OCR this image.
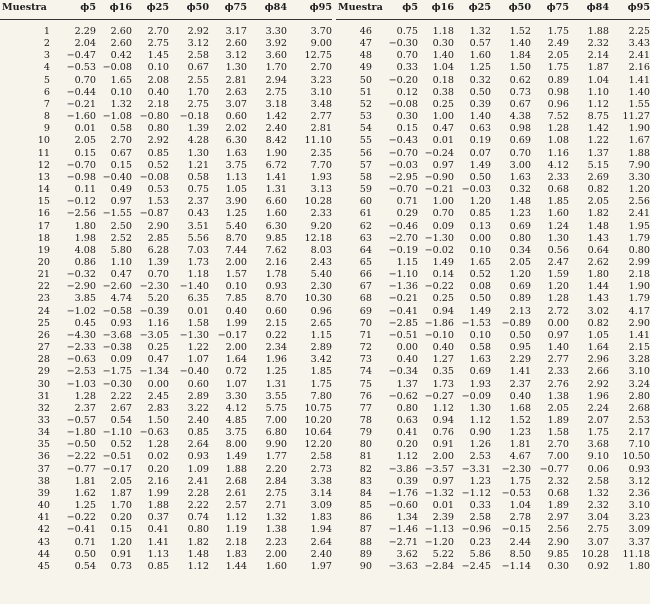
Muestra	ϕ5	ϕ16	ϕ25	ϕ50	ϕ75	ϕ84	ϕ95

1	2.29	2.60	2.70	2.92	3.17	3.30	3.70
2	2.04	2.60	2.75	3.12	2.60	3.92	9.00
3	−0.47	0.42	1.45	2.58	3.12	3.60	12.75
4	−0.53	−0.08	0.10	0.67	1.30	1.70	2.70
5	0.70	1.65	2.08	2.55	2.81	2.94	3.23
6	−0.44	0.10	0.40	1.70	2.63	2.75	3.10
7	−0.21	1.32	2.18	2.75	3.07	3.18	3.48
8	−1.60	−1.08	−0.80	−0.18	0.60	1.42	2.77
9	0.01	0.58	0.80	1.39	2.02	2.40	2.81
10	2.05	2.70	2.92	4.28	6.30	8.42	11.10
11	0.15	0.67	0.85	1.30	1.63	1.90	2.35
12	−0.70	0.15	0.52	1.21	3.75	6.72	7.70
13	−0.98	−0.40	−0.08	0.58	1.13	1.41	1.93
14	0.11	0.49	0.53	0.75	1.05	1.31	3.13
15	−0.12	0.97	1.53	2.37	3.90	6.60	10.28
16	−2.56	−1.55	−0.87	0.43	1.25	1.60	2.33
17	1.80	2.50	2.90	3.51	5.40	6.30	9.20
18	1.98	2.52	2.85	5.56	8.70	9.85	12.18
19	4.08	5.80	6.28	7.03	7.44	7.62	8.03
20	0.86	1.10	1.39	1.73	2.00	2.16	2.43
21	−0.32	0.47	0.70	1.18	1.57	1.78	5.40
22	−2.90	−2.60	−2.30	−1.40	0.10	0.93	2.30
23	3.85	4.74	5.20	6.35	7.85	8.70	10.30
24	−1.02	−0.58	−0.39	0.01	0.40	0.60	0.96
25	0.45	0.93	1.16	1.58	1.99	2.15	2.65
26	−4.30	−3.68	−3.05	−1.30	−0.17	0.22	1.15
27	−2.33	−0.38	0.25	1.22	2.00	2.34	2.89
28	−0.63	0.09	0.47	1.07	1.64	1.96	3.42
29	−2.53	−1.75	−1.34	−0.40	0.72	1.25	1.85
30	−1.03	−0.30	0.00	0.60	1.07	1.31	1.75
31	1.28	2.22	2.45	2.89	3.30	3.55	7.80
32	2.37	2.67	2.83	3.22	4.12	5.75	10.75
33	−0.57	0.54	1.50	2.40	4.85	7.00	10.20
34	−1.80	−1.10	−0.63	0.85	3.75	6.80	10.64
35	−0.50	0.52	1.28	2.64	8.00	9.90	12.20
36	−2.22	−0.51	0.02	0.93	1.49	1.77	2.58
37	−0.77	−0.17	0.20	1.09	1.88	2.20	2.73
38	1.81	2.05	2.16	2.41	2.68	2.84	3.38
39	1.62	1.87	1.99	2.28	2.61	2.75	3.14
40	1.25	1.70	1.88	2.22	2.57	2.71	3.09
41	−0.22	0.20	0.37	0.74	1.12	1.32	1.83
42	−0.41	0.15	0.41	0.80	1.19	1.38	1.94
43	0.71	1.20	1.41	1.82	2.18	2.23	2.64
44	0.50	0.91	1.13	1.48	1.83	2.00	2.40
45	0.54	0.73	0.85	1.12	1.44	1.60	1.97
Muestra	ϕ5	ϕ16	ϕ25	ϕ50	ϕ75	ϕ84	ϕ95

46	0.75	1.18	1.32	1.52	1.75	1.88	2.25
47	−0.30	0.30	0.57	1.40	2.49	2.32	3.43
48	0.70	1.40	1.60	1.84	2.05	2.14	2.41
49	0.33	1.04	1.25	1.50	1.75	1.87	2.16
50	−0.20	0.18	0.32	0.62	0.89	1.04	1.41
51	0.12	0.38	0.50	0.73	0.98	1.10	1.40
52	−0.08	0.25	0.39	0.67	0.96	1.12	1.55
53	0.30	1.00	1.40	4.38	7.52	8.75	11.27
54	0.15	0.47	0.63	0.98	1.28	1.42	1.90
55	−0.43	0.01	0.19	0.69	1.08	1.22	1.67
56	−0.70	−0.24	0.07	0.70	1.16	1.37	1.88
57	−0.03	0.97	1.49	3.00	4.12	5.15	7.90
58	−2.95	−0.90	0.50	1.63	2.33	2.69	3.30
59	−0.70	−0.21	−0.03	0.32	0.68	0.82	1.20
60	0.71	1.00	1.20	1.48	1.85	2.05	2.56
61	0.29	0.70	0.85	1.23	1.60	1.82	2.41
62	−0.46	0.09	0.13	0.69	1.24	1.48	1.95
63	−2.70	−1.30	0.00	0.80	1.30	1.43	1.79
64	−0.19	−0.02	0.10	0.34	0.56	0.64	0.80
65	1.15	1.49	1.65	2.05	2.47	2.62	2.99
66	−1.10	0.14	0.52	1.20	1.59	1.80	2.18
67	−1.36	−0.22	0.08	0.69	1.20	1.44	1.90
68	−0.21	0.25	0.50	0.89	1.28	1.43	1.79
69	−0.41	0.94	1.49	2.13	2.72	3.02	4.17
70	−2.85	−1.86	−1.53	−0.89	0.00	0.82	2.90
71	−0.51	−0.10	0.10	0.50	0.97	1.05	1.41
72	0.00	0.40	0.58	0.95	1.40	1.64	2.15
73	0.40	1.27	1.63	2.29	2.77	2.96	3.28
74	−0.34	0.35	0.69	1.41	2.33	2.66	3.10
75	1.37	1.73	1.93	2.37	2.76	2.92	3.24
76	−0.62	−0.27	−0.09	0.40	1.38	1.96	2.80
77	0.80	1.12	1.30	1.68	2.05	2.24	2.68
78	0.63	0.94	1.12	1.52	1.89	2.07	2.53
79	0.41	0.76	0.90	1.23	1.58	1.75	2.17
80	0.20	0.91	1.26	1.81	2.70	3.68	7.10
81	1.12	2.00	2.53	4.67	7.00	9.10	10.50
82	−3.86	−3.57	−3.31	−2.30	−0.77	0.06	0.93
83	0.39	0.97	1.23	1.75	2.32	2.58	3.12
84	−1.76	−1.32	−1.12	−0.53	0.68	1.32	2.36
85	−0.60	0.01	0.33	1.04	1.89	2.32	3.10
86	1.34	2.39	2.58	2.78	2.97	3.04	3.23
87	−1.46	−1.13	−0.96	−0.15	2.56	2.75	3.09
88	−2.71	−1.20	0.23	2.44	2.90	3.07	3.37
89	3.62	5.22	5.86	8.50	9.85	10.28	11.18
90	−3.63	−2.84	−2.45	−1.14	0.30	0.92	1.80
